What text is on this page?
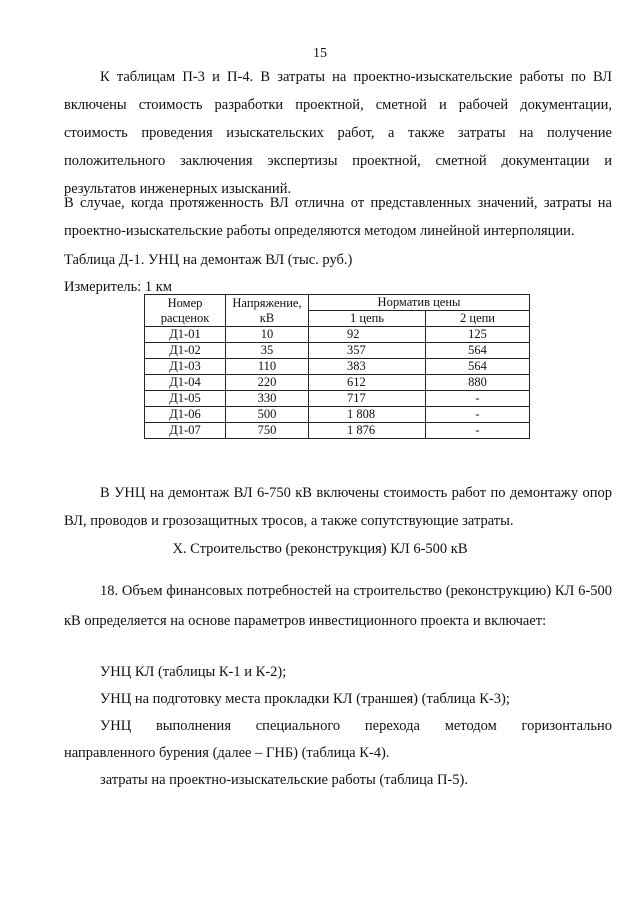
15
К таблицам П-3 и П-4. В затраты на проектно-изыскательские работы по ВЛ включены стоимость разработки проектной, сметной и рабочей документации, стоимость проведения изыскательских работ, а также затраты на получение положительного заключения экспертизы проектной, сметной документации и результатов инженерных изысканий.
В случае, когда протяженность ВЛ отлична от представленных значений, затраты на проектно-изыскательские работы определяются методом линейной интерполяции.
Таблица Д-1. УНЦ на демонтаж ВЛ (тыс. руб.)
Измеритель: 1 км
Номер расценок	Напряжение, кВ	Норматив цены	
		1 цепь	2 цепи
Д1-01	10	92	125
Д1-02	35	357	564
Д1-03	110	383	564
Д1-04	220	612	880
Д1-05	330	717	-
Д1-06	500	1 808	-
Д1-07	750	1 876	-
В УНЦ на демонтаж ВЛ 6-750 кВ включены стоимость работ по демонтажу опор ВЛ, проводов и грозозащитных тросов, а также сопутствующие затраты.
X. Строительство (реконструкция) КЛ 6-500 кВ
18. Объем финансовых потребностей на строительство (реконструкцию) КЛ 6-500 кВ определяется на основе параметров инвестиционного проекта и включает:
УНЦ КЛ (таблицы К-1 и К-2);
УНЦ на подготовку места прокладки КЛ (траншея) (таблица К-3);
УНЦ выполнения специального перехода методом горизонтально
направленного бурения (далее – ГНБ) (таблица К-4).
затраты на проектно-изыскательские работы (таблица П-5).
